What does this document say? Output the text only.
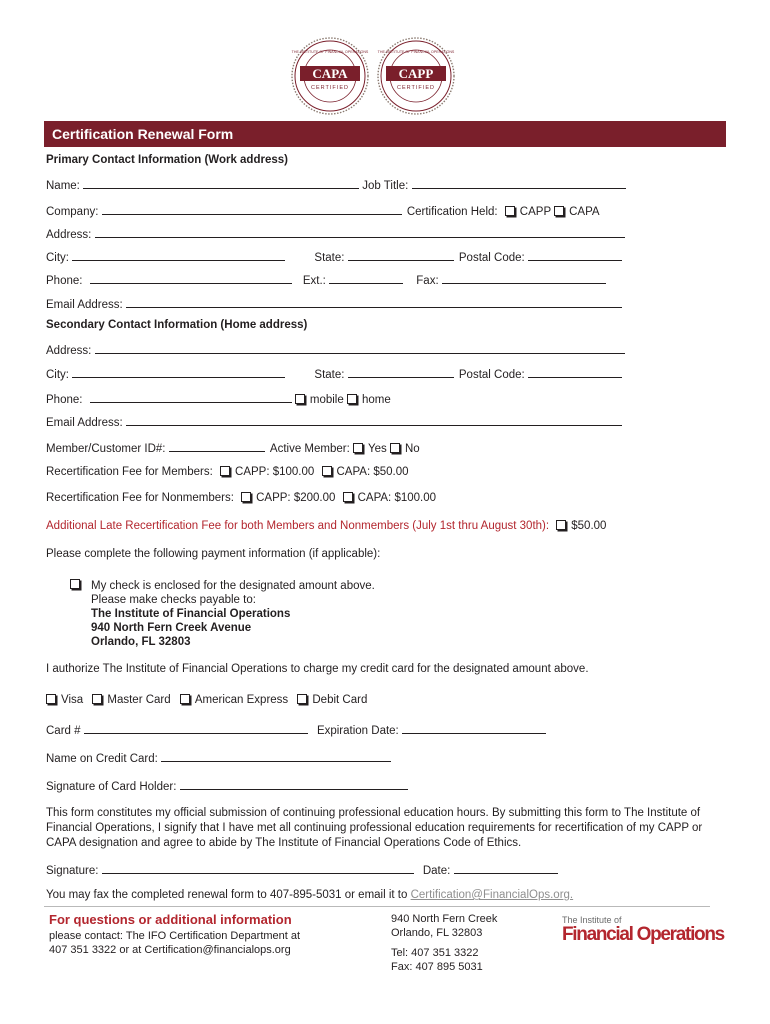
CAPA
CERTIFIED
THE INSTITUTE OF FINANCIAL OPERATIONS
CAPP
CERTIFIED
THE INSTITUTE OF FINANCIAL OPERATIONS
Certification Renewal Form
Primary Contact Information (Work address)
Name:	Job Title:
Company:	Certification Held: CAPP CAPA
Address:
City:	State:	Postal Code:
Phone:	Ext.:	Fax:
Email Address:
Secondary Contact Information (Home address)
Address:
City:	State:	Postal Code:
Phone:	mobile home
Email Address:
Member/Customer ID#:	Active Member: Yes No
Recertification Fee for Members: CAPP: $100.00 CAPA: $50.00
Recertification Fee for Nonmembers: CAPP: $200.00 CAPA: $100.00
Additional Late Recertification Fee for both Members and Nonmembers (July 1st thru August 30th): $50.00
Please complete the following payment information (if applicable):
My check is enclosed for the designated amount above.
Please make checks payable to:
The Institute of Financial Operations
940 North Fern Creek Avenue
Orlando, FL 32803
I authorize The Institute of Financial Operations to charge my credit card for the designated amount above.
Visa Master Card American Express Debit Card
Card #	Expiration Date:
Name on Credit Card:
Signature of Card Holder:
This form constitutes my official submission of continuing professional education hours. By submitting this form to The Institute of Financial Operations, I signify that I have met all continuing professional education requirements for recertification of my CAPP or CAPA designation and agree to abide by The Institute of Financial Operations Code of Ethics.
Signature:	Date:
You may fax the completed renewal form to 407-895-5031 or email it to Certification@FinancialOps.org.
For questions or additional information
please contact: The IFO Certification Department at
407 351 3322 or at Certification@financialops.org
940 North Fern Creek
Orlando, FL 32803
Tel: 407 351 3322
Fax: 407 895 5031
The Institute of
Financial Operations
